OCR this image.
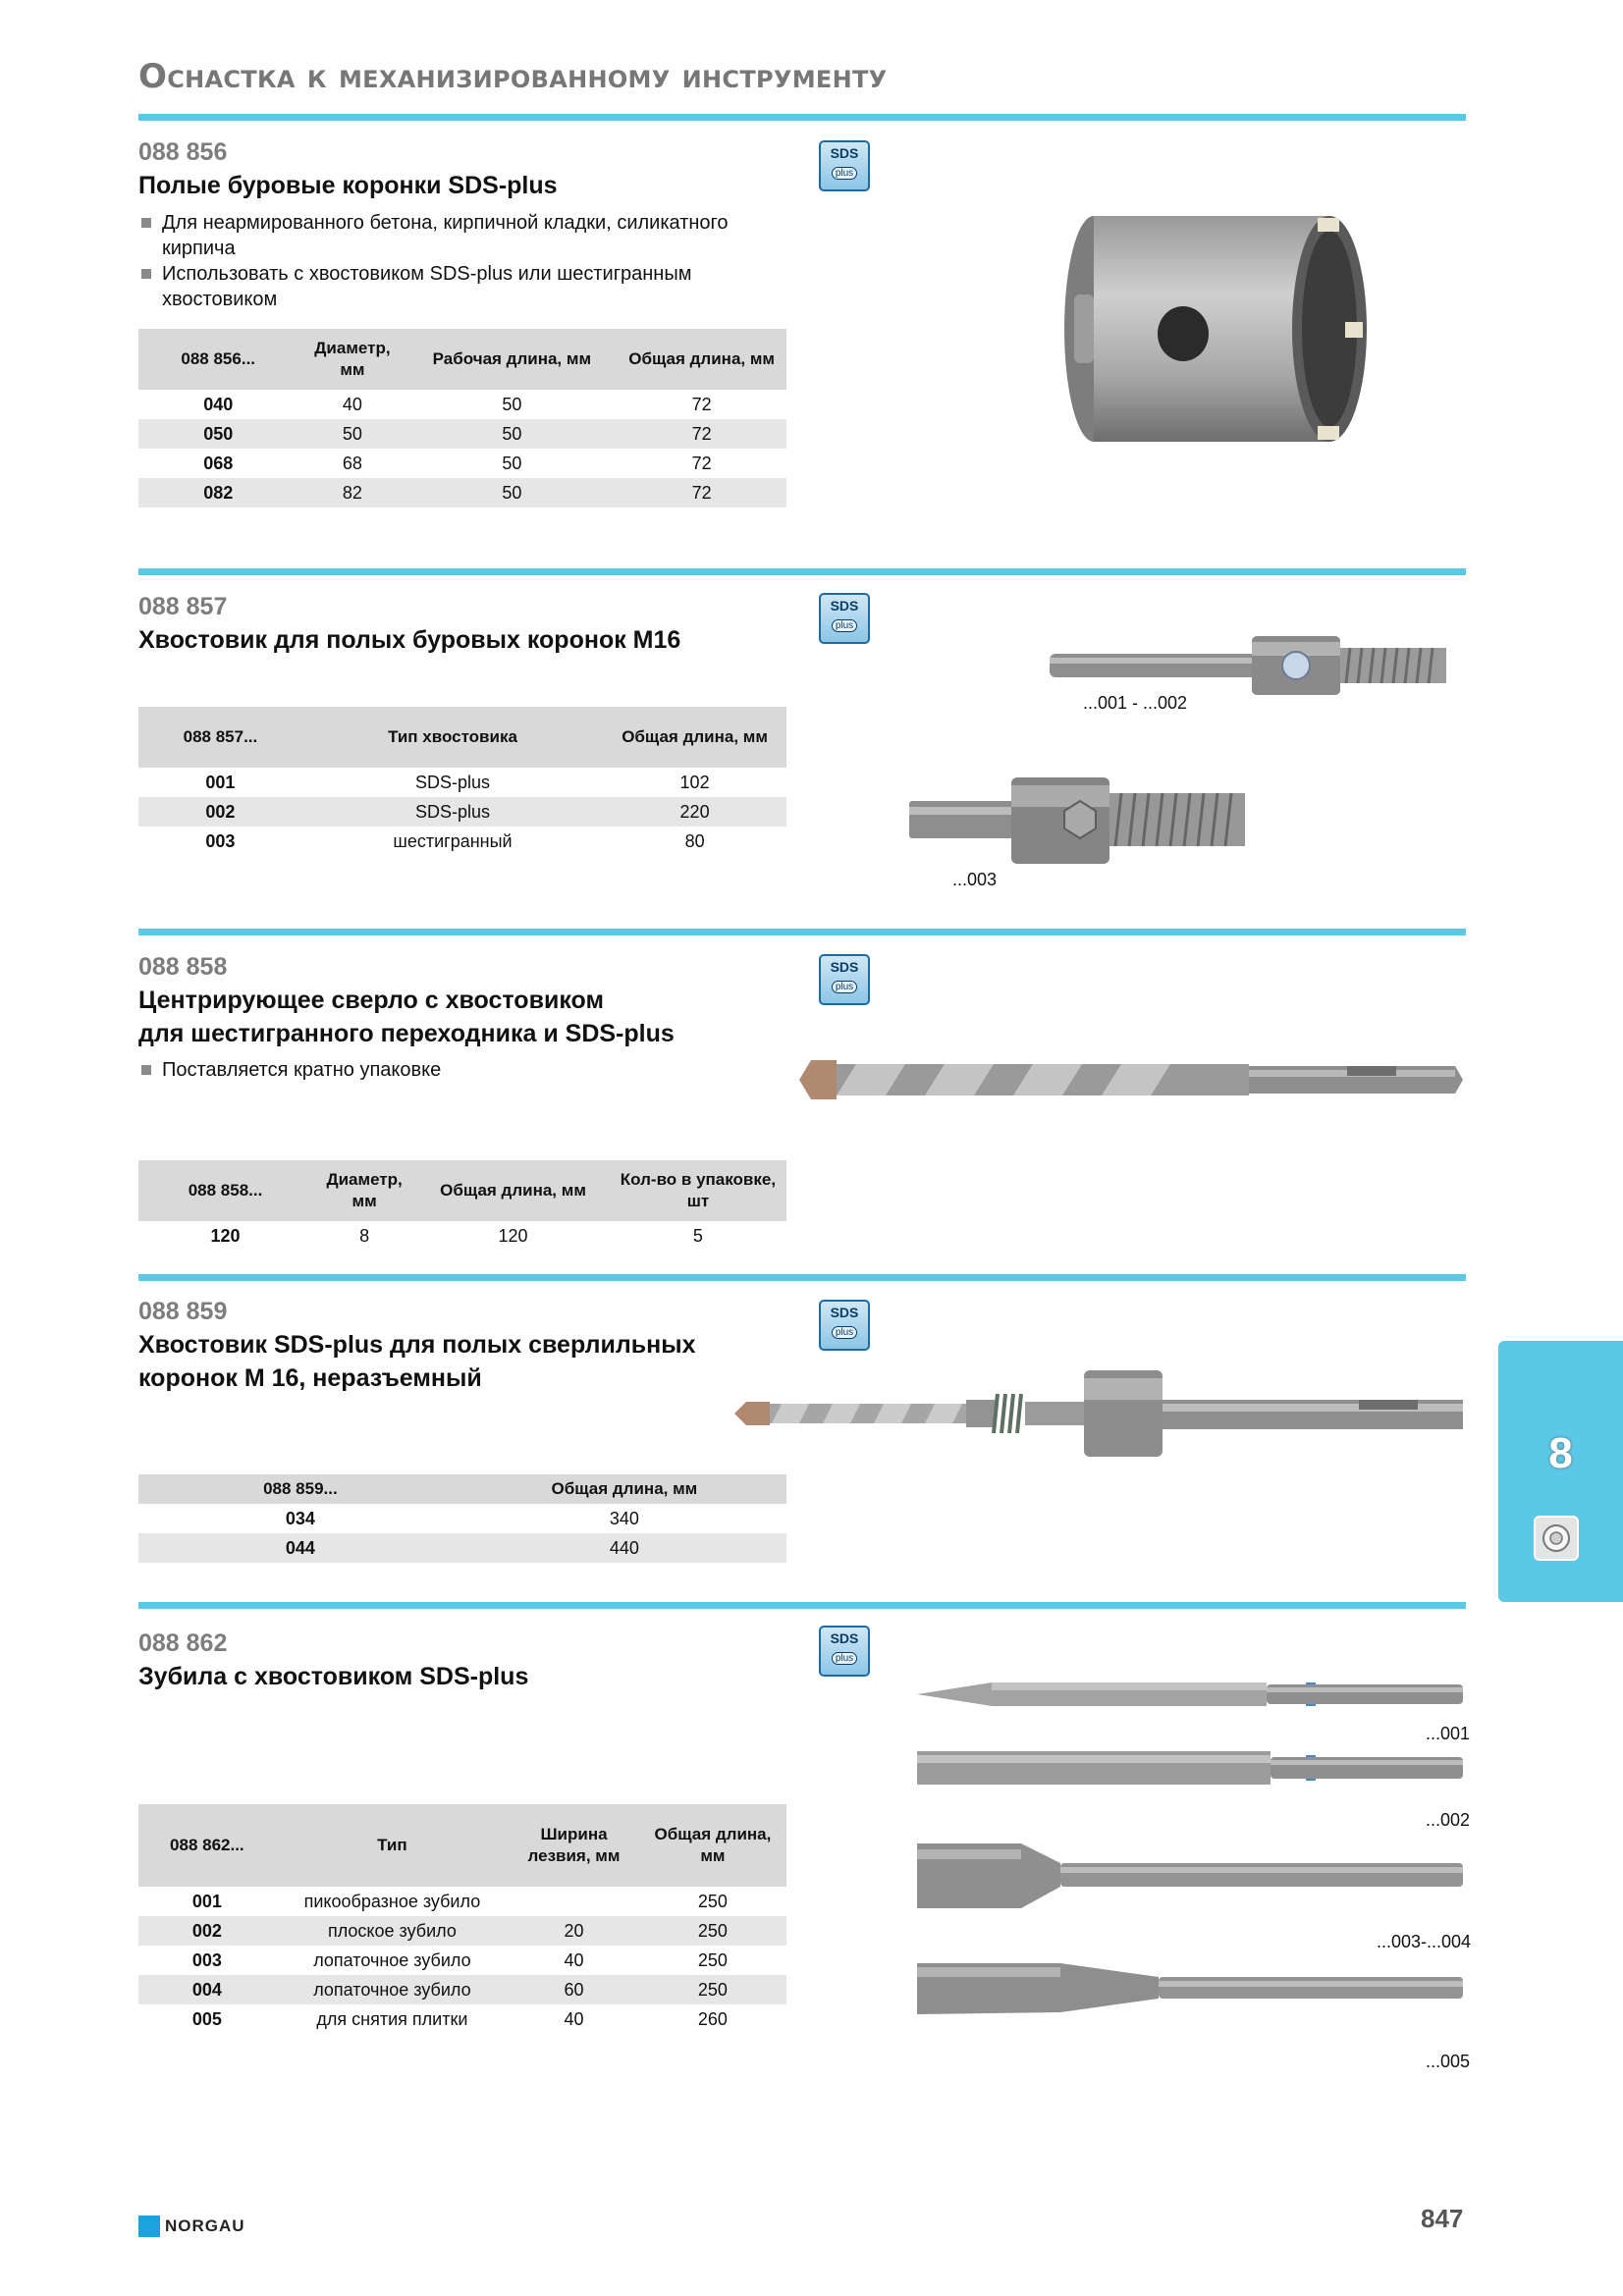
Оснастка к механизированному инструменту
088 856
Полые буровые коронки SDS-plus
Для неармированного бетона, кирпичной кладки, силикатного кирпича
Использовать с хвостовиком SDS-plus или шестигранным хвостовиком
SDS
plus
088 856...	Диаметр, мм	Рабочая длина, мм	Общая длина, мм
040	40	50	72
050	50	50	72
068	68	50	72
082	82	50	72
088 857
Хвостовик для полых буровых коронок M16
SDS
plus
088 857...	Тип хвостовика	Общая длина, мм
001	SDS-plus	102
002	SDS-plus	220
003	шестигранный	80
...001 - ...002
...003
088 858
Центрирующее сверло с хвостовиком
для шестигранного переходника и SDS-plus
Поставляется кратно упаковке
SDS
plus
088 858...	Диаметр, мм	Общая длина, мм	Кол-во в упаковке, шт
120	8	120	5
088 859
Хвостовик SDS-plus для полых сверлильных
коронок M 16, неразъемный
SDS
plus
088 859...	Общая длина, мм
034	340
044	440
088 862
Зубила с хвостовиком SDS-plus
SDS
plus
088 862...	Тип	Ширина лезвия, мм	Общая длина, мм
001	пикообразное зубило		250
002	плоское зубило	20	250
003	лопаточное зубило	40	250
004	лопаточное зубило	60	250
005	для снятия плитки	40	260
...001
...002
...003-...004
...005
8
NORGAU	847
